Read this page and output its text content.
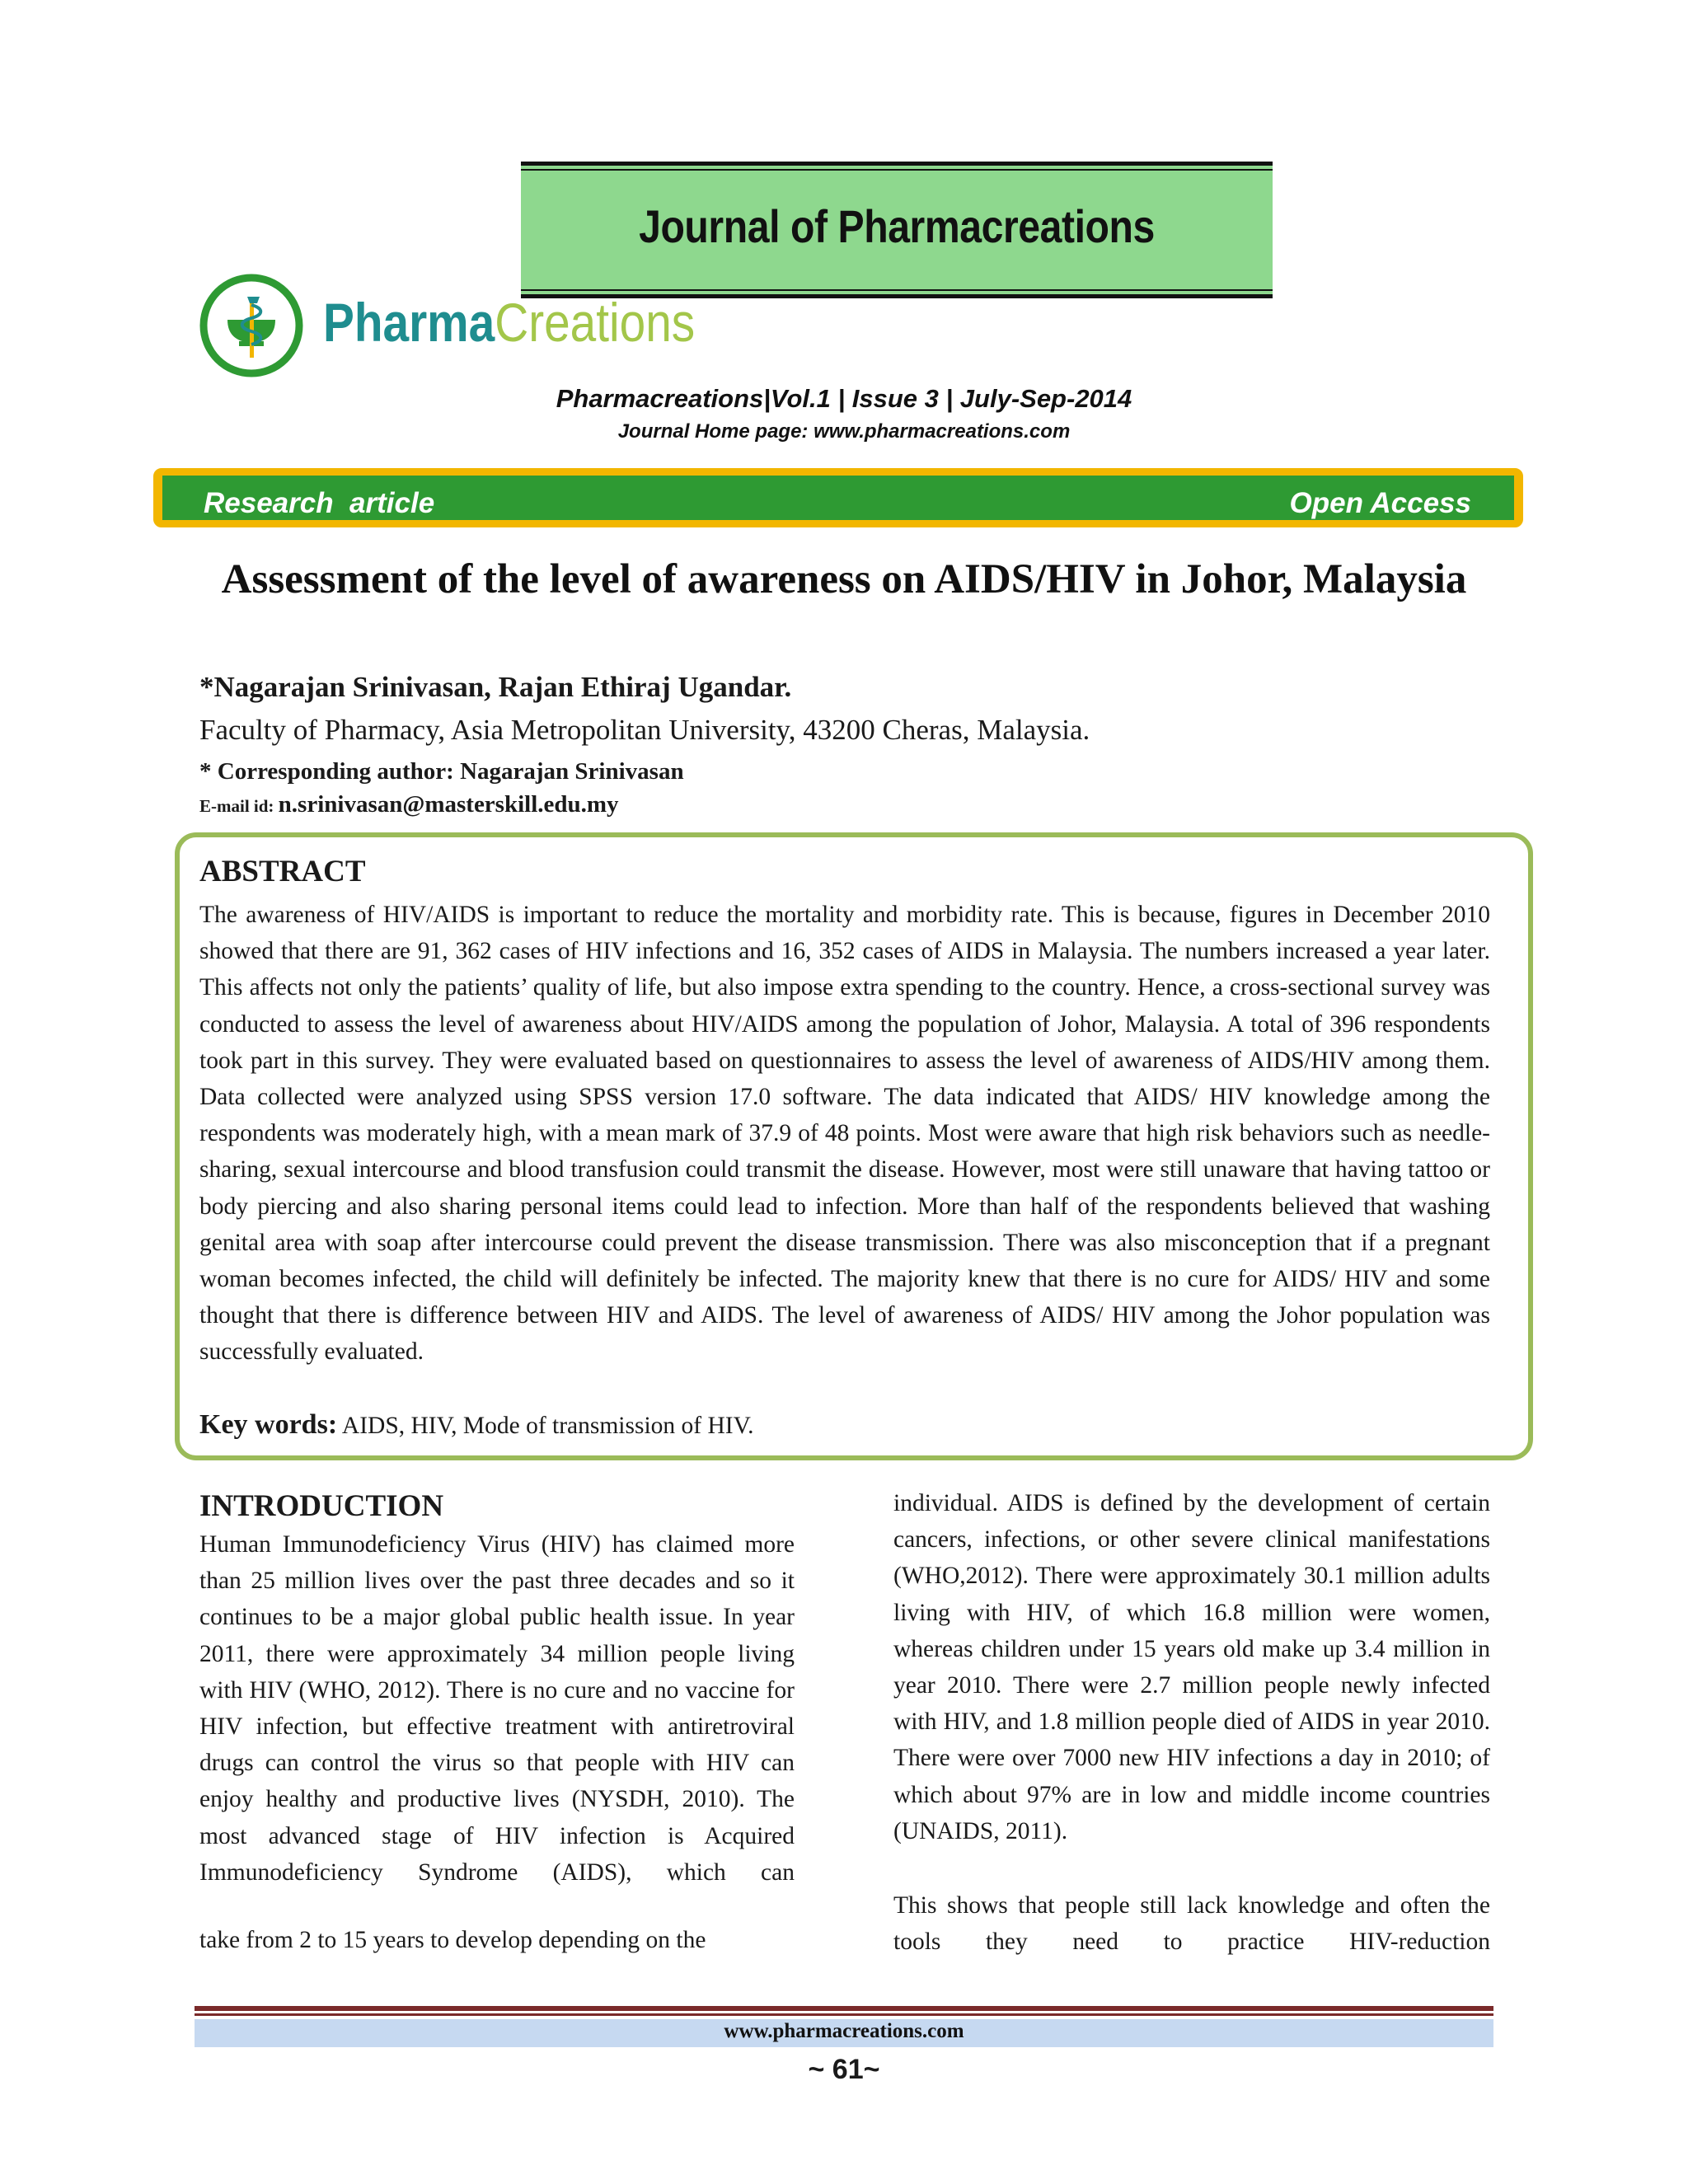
Journal of Pharmacreations
PharmaCreations
Pharmacreations|Vol.1 | Issue 3 | July-Sep-2014
Journal Home page: www.pharmacreations.com
Research  article	Open Access
Assessment of the level of awareness on AIDS/HIV in Johor, Malaysia
*Nagarajan Srinivasan, Rajan Ethiraj Ugandar.
Faculty of Pharmacy, Asia Metropolitan University, 43200 Cheras, Malaysia.
* Corresponding author: Nagarajan Srinivasan
E-mail id: n.srinivasan@masterskill.edu.my
ABSTRACT
The awareness of HIV/AIDS is important to reduce the mortality and morbidity rate. This is because, figures in December 2010 showed that there are 91, 362 cases of HIV infections and 16, 352 cases of AIDS in Malaysia. The numbers increased a year later. This affects not only the patients’ quality of life, but also impose extra spending to the country. Hence, a cross-sectional survey was conducted to assess the level of awareness about HIV/AIDS among the population of Johor, Malaysia. A total of 396 respondents took part in this survey. They were evaluated based on questionnaires to assess the level of awareness of AIDS/HIV among them. Data collected were analyzed using SPSS version 17.0 software. The data indicated that AIDS/ HIV knowledge among the respondents was moderately high, with a mean mark of 37.9 of 48 points. Most were aware that high risk behaviors such as needle-sharing, sexual intercourse and blood transfusion could transmit the disease. However, most were still unaware that having tattoo or body piercing and also sharing personal items could lead to infection. More than half of the respondents believed that washing genital area with soap after intercourse could prevent the disease transmission. There was also misconception that if a pregnant woman becomes infected, the child will definitely be infected. The majority knew that there is no cure for AIDS/ HIV and some thought that there is difference between HIV and AIDS. The level of awareness of AIDS/ HIV among the Johor population was successfully evaluated.
Key words: AIDS, HIV, Mode of transmission of HIV.
INTRODUCTION
Human Immunodeficiency Virus (HIV) has claimed more than 25 million lives over the past three decades and so it continues to be a major global public health issue. In year 2011, there were approximately 34 million people living with HIV (WHO, 2012). There is no cure and no vaccine for HIV infection, but effective treatment with antiretroviral drugs can control the virus so that people with HIV can enjoy healthy and productive lives (NYSDH, 2010). The most advanced stage of HIV infection is Acquired Immunodeficiency Syndrome (AIDS), which can
take from 2 to 15 years to develop depending on the
individual. AIDS is defined by the development of certain cancers, infections, or other severe clinical manifestations (WHO,2012). There were approximately 30.1 million adults living with HIV, of which 16.8 million were women, whereas children under 15 years old make up 3.4 million in year 2010. There were 2.7 million people newly infected with HIV, and 1.8 million people died of AIDS in year 2010. There were over 7000 new HIV infections a day in 2010; of which about 97% are in low and middle income countries (UNAIDS, 2011).
This shows that people still lack knowledge and often the tools they need to practice HIV-reduction
www.pharmacreations.com
~ 61~
